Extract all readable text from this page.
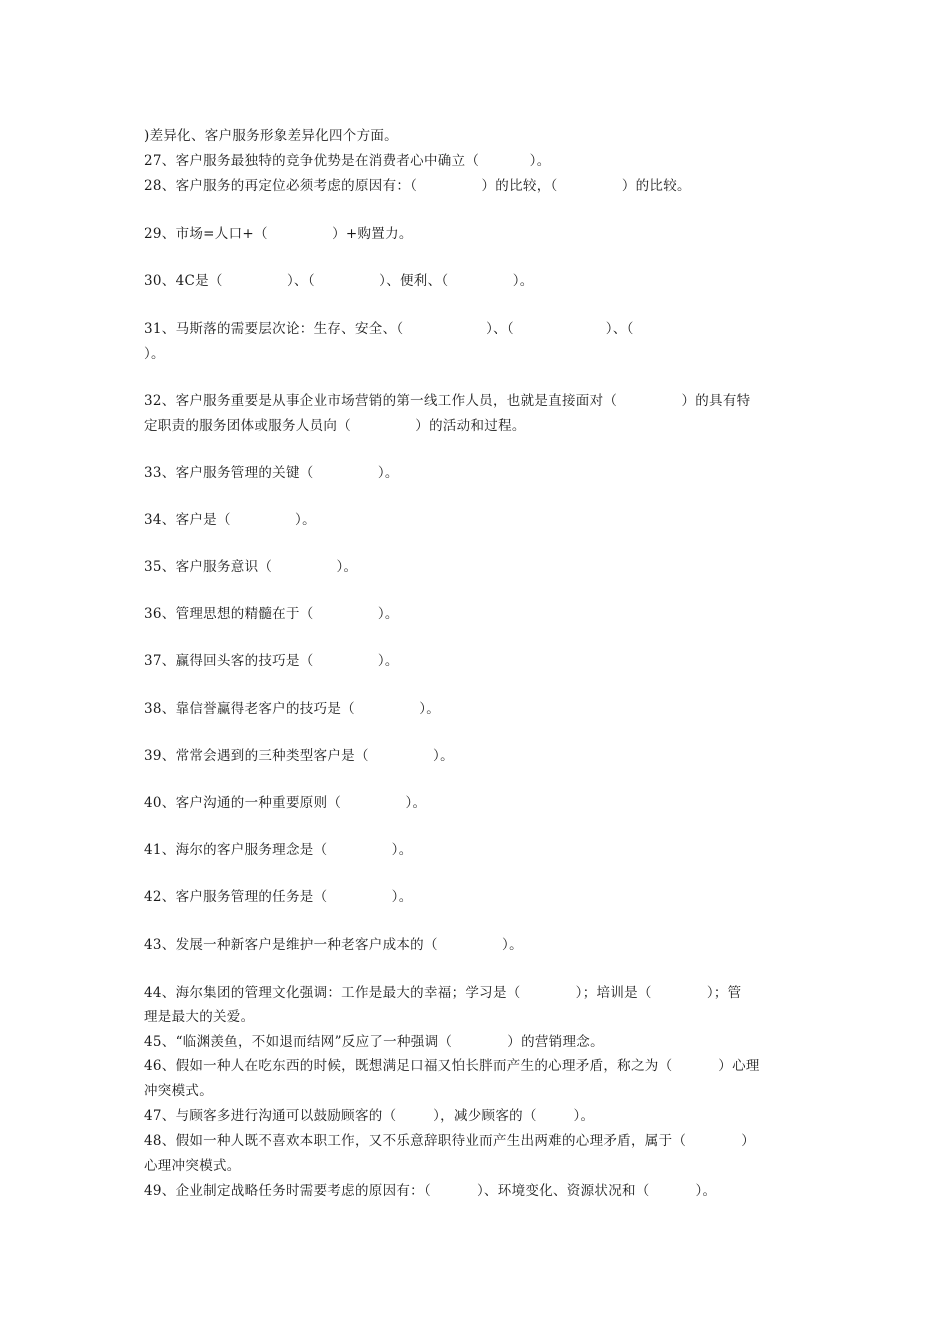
)差异化、客户服务形象差异化四个方面。
27、客户服务最独特的竞争优势是在消费者心中确立（           ）。
28、客户服务的再定位必须考虑的原因有：（              ）的比较，（              ）的比较。
29、市场=人口+（              ）+购置力。
30、4C是（              ）、（              ）、便利、（              ）。
31、马斯落的需要层次论：生存、安全、（                  ）、（                    ）、（
）。
32、客户服务重要是从事企业市场营销的第一线工作人员，也就是直接面对（              ）的具有特
定职责的服务团体或服务人员向（              ）的活动和过程。
33、客户服务管理的关键（              ）。
34、客户是（              ）。
35、客户服务意识（              ）。
36、管理思想的精髓在于（              ）。
37、赢得回头客的技巧是（              ）。
38、靠信誉赢得老客户的技巧是（              ）。
39、常常会遇到的三种类型客户是（              ）。
40、客户沟通的一种重要原则（              ）。
41、海尔的客户服务理念是（              ）。
42、客户服务管理的任务是（              ）。
43、发展一种新客户是维护一种老客户成本的（              ）。
44、海尔集团的管理文化强调：工作是最大的幸福；学习是（            ）；培训是（            ）；管
理是最大的关爱。
45、“临渊羡鱼，不如退而结网”反应了一种强调（            ）的营销理念。
46、假如一种人在吃东西的时候，既想满足口福又怕长胖而产生的心理矛盾，称之为（          ）心理
冲突模式。
47、与顾客多进行沟通可以鼓励顾客的（        ），减少顾客的（        ）。
48、假如一种人既不喜欢本职工作，又不乐意辞职待业而产生出两难的心理矛盾，属于（            ）
心理冲突模式。
49、企业制定战略任务时需要考虑的原因有：（          ）、环境变化、资源状况和（          ）。
